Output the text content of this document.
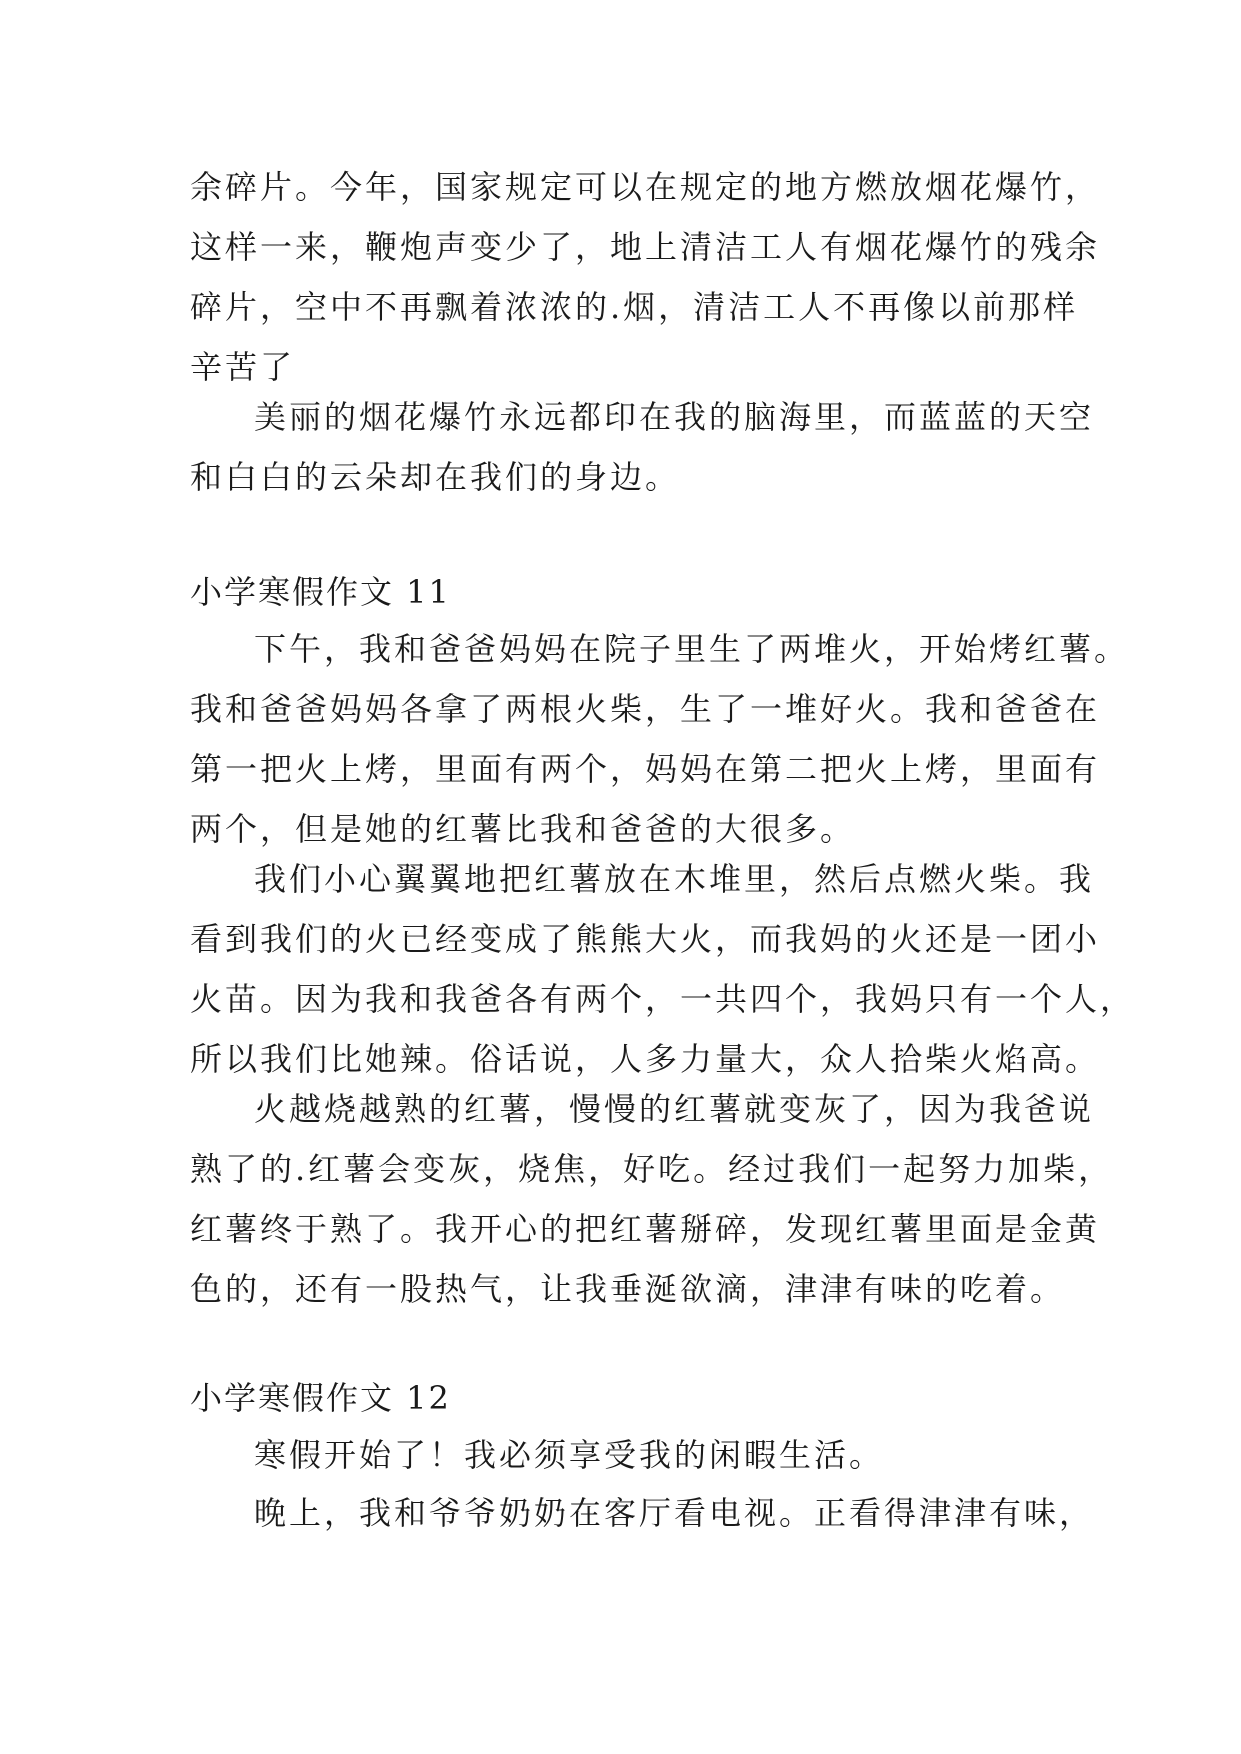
余碎片。今年，国家规定可以在规定的地方燃放烟花爆竹，
这样一来，鞭炮声变少了，地上清洁工人有烟花爆竹的残余
碎片，空中不再飘着浓浓的.烟，清洁工人不再像以前那样
辛苦了
美丽的烟花爆竹永远都印在我的脑海里，而蓝蓝的天空
和白白的云朵却在我们的身边。
小学寒假作文 11
下午，我和爸爸妈妈在院子里生了两堆火，开始烤红薯。
我和爸爸妈妈各拿了两根火柴，生了一堆好火。我和爸爸在
第一把火上烤，里面有两个，妈妈在第二把火上烤，里面有
两个，但是她的红薯比我和爸爸的大很多。
我们小心翼翼地把红薯放在木堆里，然后点燃火柴。我
看到我们的火已经变成了熊熊大火，而我妈的火还是一团小
火苗。因为我和我爸各有两个，一共四个，我妈只有一个人，
所以我们比她辣。俗话说，人多力量大，众人拾柴火焰高。
火越烧越熟的红薯，慢慢的红薯就变灰了，因为我爸说
熟了的.红薯会变灰，烧焦，好吃。经过我们一起努力加柴，
红薯终于熟了。我开心的把红薯掰碎，发现红薯里面是金黄
色的，还有一股热气，让我垂涎欲滴，津津有味的吃着。
小学寒假作文 12
寒假开始了！我必须享受我的闲暇生活。
晚上，我和爷爷奶奶在客厅看电视。正看得津津有味，
